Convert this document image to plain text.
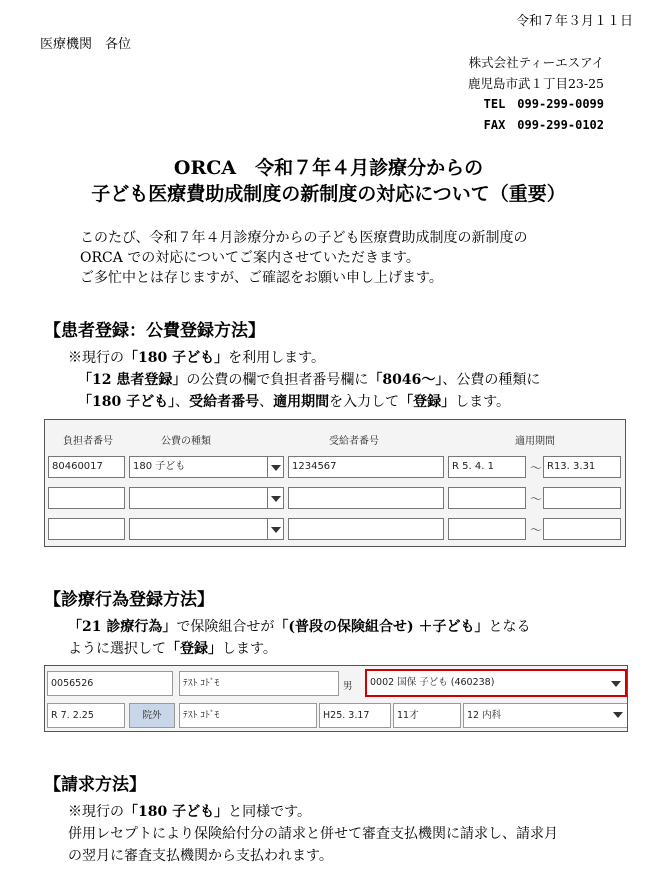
令和７年３月１１日
医療機関　各位
株式会社ティーエスアイ
鹿児島市武１丁目23-25
TEL　099-299-0099
FAX　099-299-0102
ORCA　令和７年４月診療分からの
子ども医療費助成制度の新制度の対応について（重要）
このたび、令和７年４月診療分からの子ども医療費助成制度の新制度の
ORCA での対応についてご案内させていただきます。
ご多忙中とは存じますが、ご確認をお願い申し上げます。
【患者登録：公費登録方法】
※現行の「180 子ども」を利用します。
「12 患者登録」の公費の欄で負担者番号欄に「8046～」、公費の種類に
「180 子ども」、受給者番号、適用期間を入力して「登録」します。
負担者番号	公費の種類	受給者番号	適用期間
80460017	180 子ども	1234567	R 5. 4. 1	～ R13. 3.31
～
～
【診療行為登録方法】
「21 診療行為」で保険組合せが「(普段の保険組合せ) ＋子ども」となる
ように選択して「登録」します。
0056526	ﾃｽﾄ ｺﾄﾞﾓ	男	0002 国保 子ども (460238)
R 7. 2.25	院外	ﾃｽﾄ ｺﾄﾞﾓ	H25. 3.17	11才	12 内科
【請求方法】
※現行の「180 子ども」と同様です。
併用レセプトにより保険給付分の請求と併せて審査支払機関に請求し、請求月
の翌月に審査支払機関から支払われます。
